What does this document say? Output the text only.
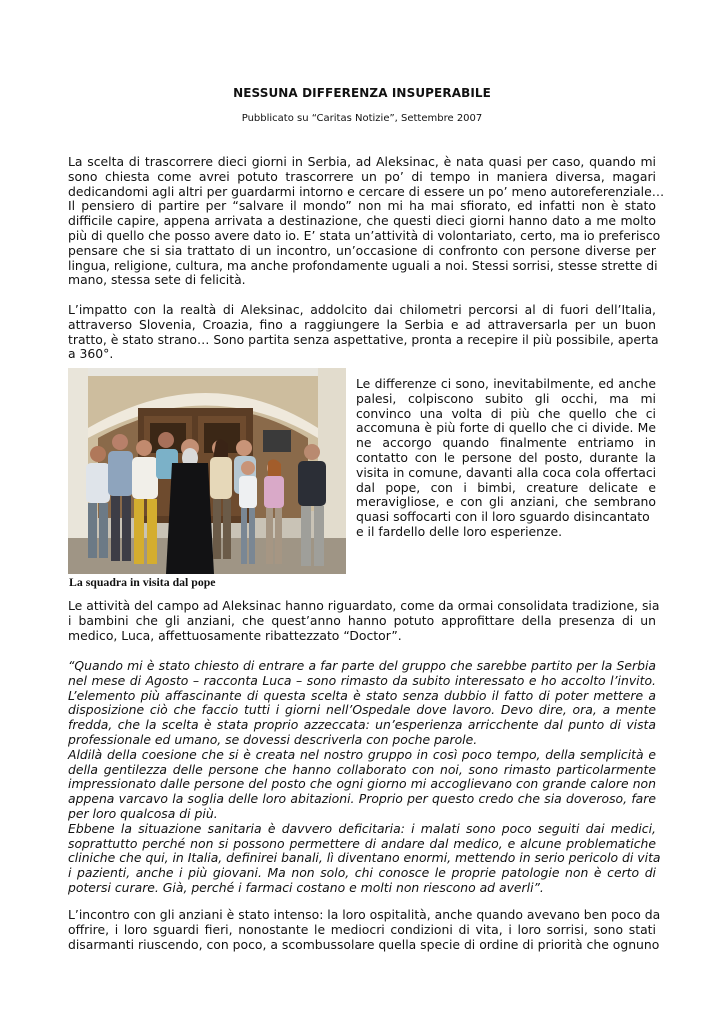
NESSUNA DIFFERENZA INSUPERABILE
Pubblicato su “Caritas Notizie”, Settembre 2007

La scelta di trascorrere dieci giorni in Serbia, ad Aleksinac, è nata quasi per caso, quando mi
sono chiesta come avrei potuto trascorrere un po’ di tempo in maniera diversa, magari
dedicandomi agli altri per guardarmi intorno e cercare di essere un po’ meno autoreferenziale…
Il pensiero di partire per “salvare il mondo” non mi ha mai sfiorato, ed infatti non è stato
difficile capire, appena arrivata a destinazione, che questi dieci giorni hanno dato a me molto
più di quello che posso avere dato io. E’ stata un’attività di volontariato, certo, ma io preferisco
pensare che si sia trattato di un incontro, un’occasione di confronto con persone diverse per
lingua, religione, cultura, ma anche profondamente uguali a noi. Stessi sorrisi, stesse strette di
mano, stessa sete di felicità.

L’impatto con la realtà di Aleksinac, addolcito dai chilometri percorsi al di fuori dell’Italia,
attraverso Slovenia, Croazia, fino a raggiungere la Serbia e ad attraversarla per un buon
tratto, è stato strano… Sono partita senza aspettative, pronta a recepire il più possibile, aperta
a 360°.

La squadra in visita dal pope

Le differenze ci sono, inevitabilmente, ed anche
palesi, colpiscono subito gli occhi, ma mi
convinco una volta di più che quello che ci
accomuna è più forte di quello che ci divide. Me
ne accorgo quando finalmente entriamo in
contatto con le persone del posto, durante la
visita in comune, davanti alla coca cola offertaci
dal pope, con i bimbi, creature delicate e
meravigliose, e con gli anziani, che sembrano
quasi soffocarti con il loro sguardo disincantato
e il fardello delle loro esperienze.

Le attività del campo ad Aleksinac hanno riguardato, come da ormai consolidata tradizione, sia
i bambini che gli anziani, che quest’anno hanno potuto approfittare della presenza di un
medico, Luca, affettuosamente ribattezzato “Doctor”.

“Quando mi è stato chiesto di entrare a far parte del gruppo che sarebbe partito per la Serbia
nel mese di Agosto – racconta Luca – sono rimasto da subito interessato e ho accolto l’invito.
L’elemento più affascinante di questa scelta è stato senza dubbio il fatto di poter mettere a
disposizione ciò che faccio tutti i giorni nell’Ospedale dove lavoro. Devo dire, ora, a mente
fredda, che la scelta è stata proprio azzeccata: un’esperienza arricchente dal punto di vista
professionale ed umano, se dovessi descriverla con poche parole.
Aldilà della coesione che si è creata nel nostro gruppo in così poco tempo, della semplicità e
della gentilezza delle persone che hanno collaborato con noi, sono rimasto particolarmente
impressionato dalle persone del posto che ogni giorno mi accoglievano con grande calore non
appena varcavo la soglia delle loro abitazioni. Proprio per questo credo che sia doveroso, fare
per loro qualcosa di più.
Ebbene la situazione sanitaria è davvero deficitaria: i malati sono poco seguiti dai medici,
soprattutto perché non si possono permettere di andare dal medico, e alcune problematiche
cliniche che qui, in Italia, definirei banali, lì diventano enormi, mettendo in serio pericolo di vita
i pazienti, anche i più giovani. Ma non solo, chi conosce le proprie patologie non è certo di
potersi curare. Già, perché i farmaci costano e molti non riescono ad averli”.

L’incontro con gli anziani è stato intenso: la loro ospitalità, anche quando avevano ben poco da
offrire, i loro sguardi fieri, nonostante le mediocri condizioni di vita, i loro sorrisi, sono stati
disarmanti riuscendo, con poco, a scombussolare quella specie di ordine di priorità che ognuno
